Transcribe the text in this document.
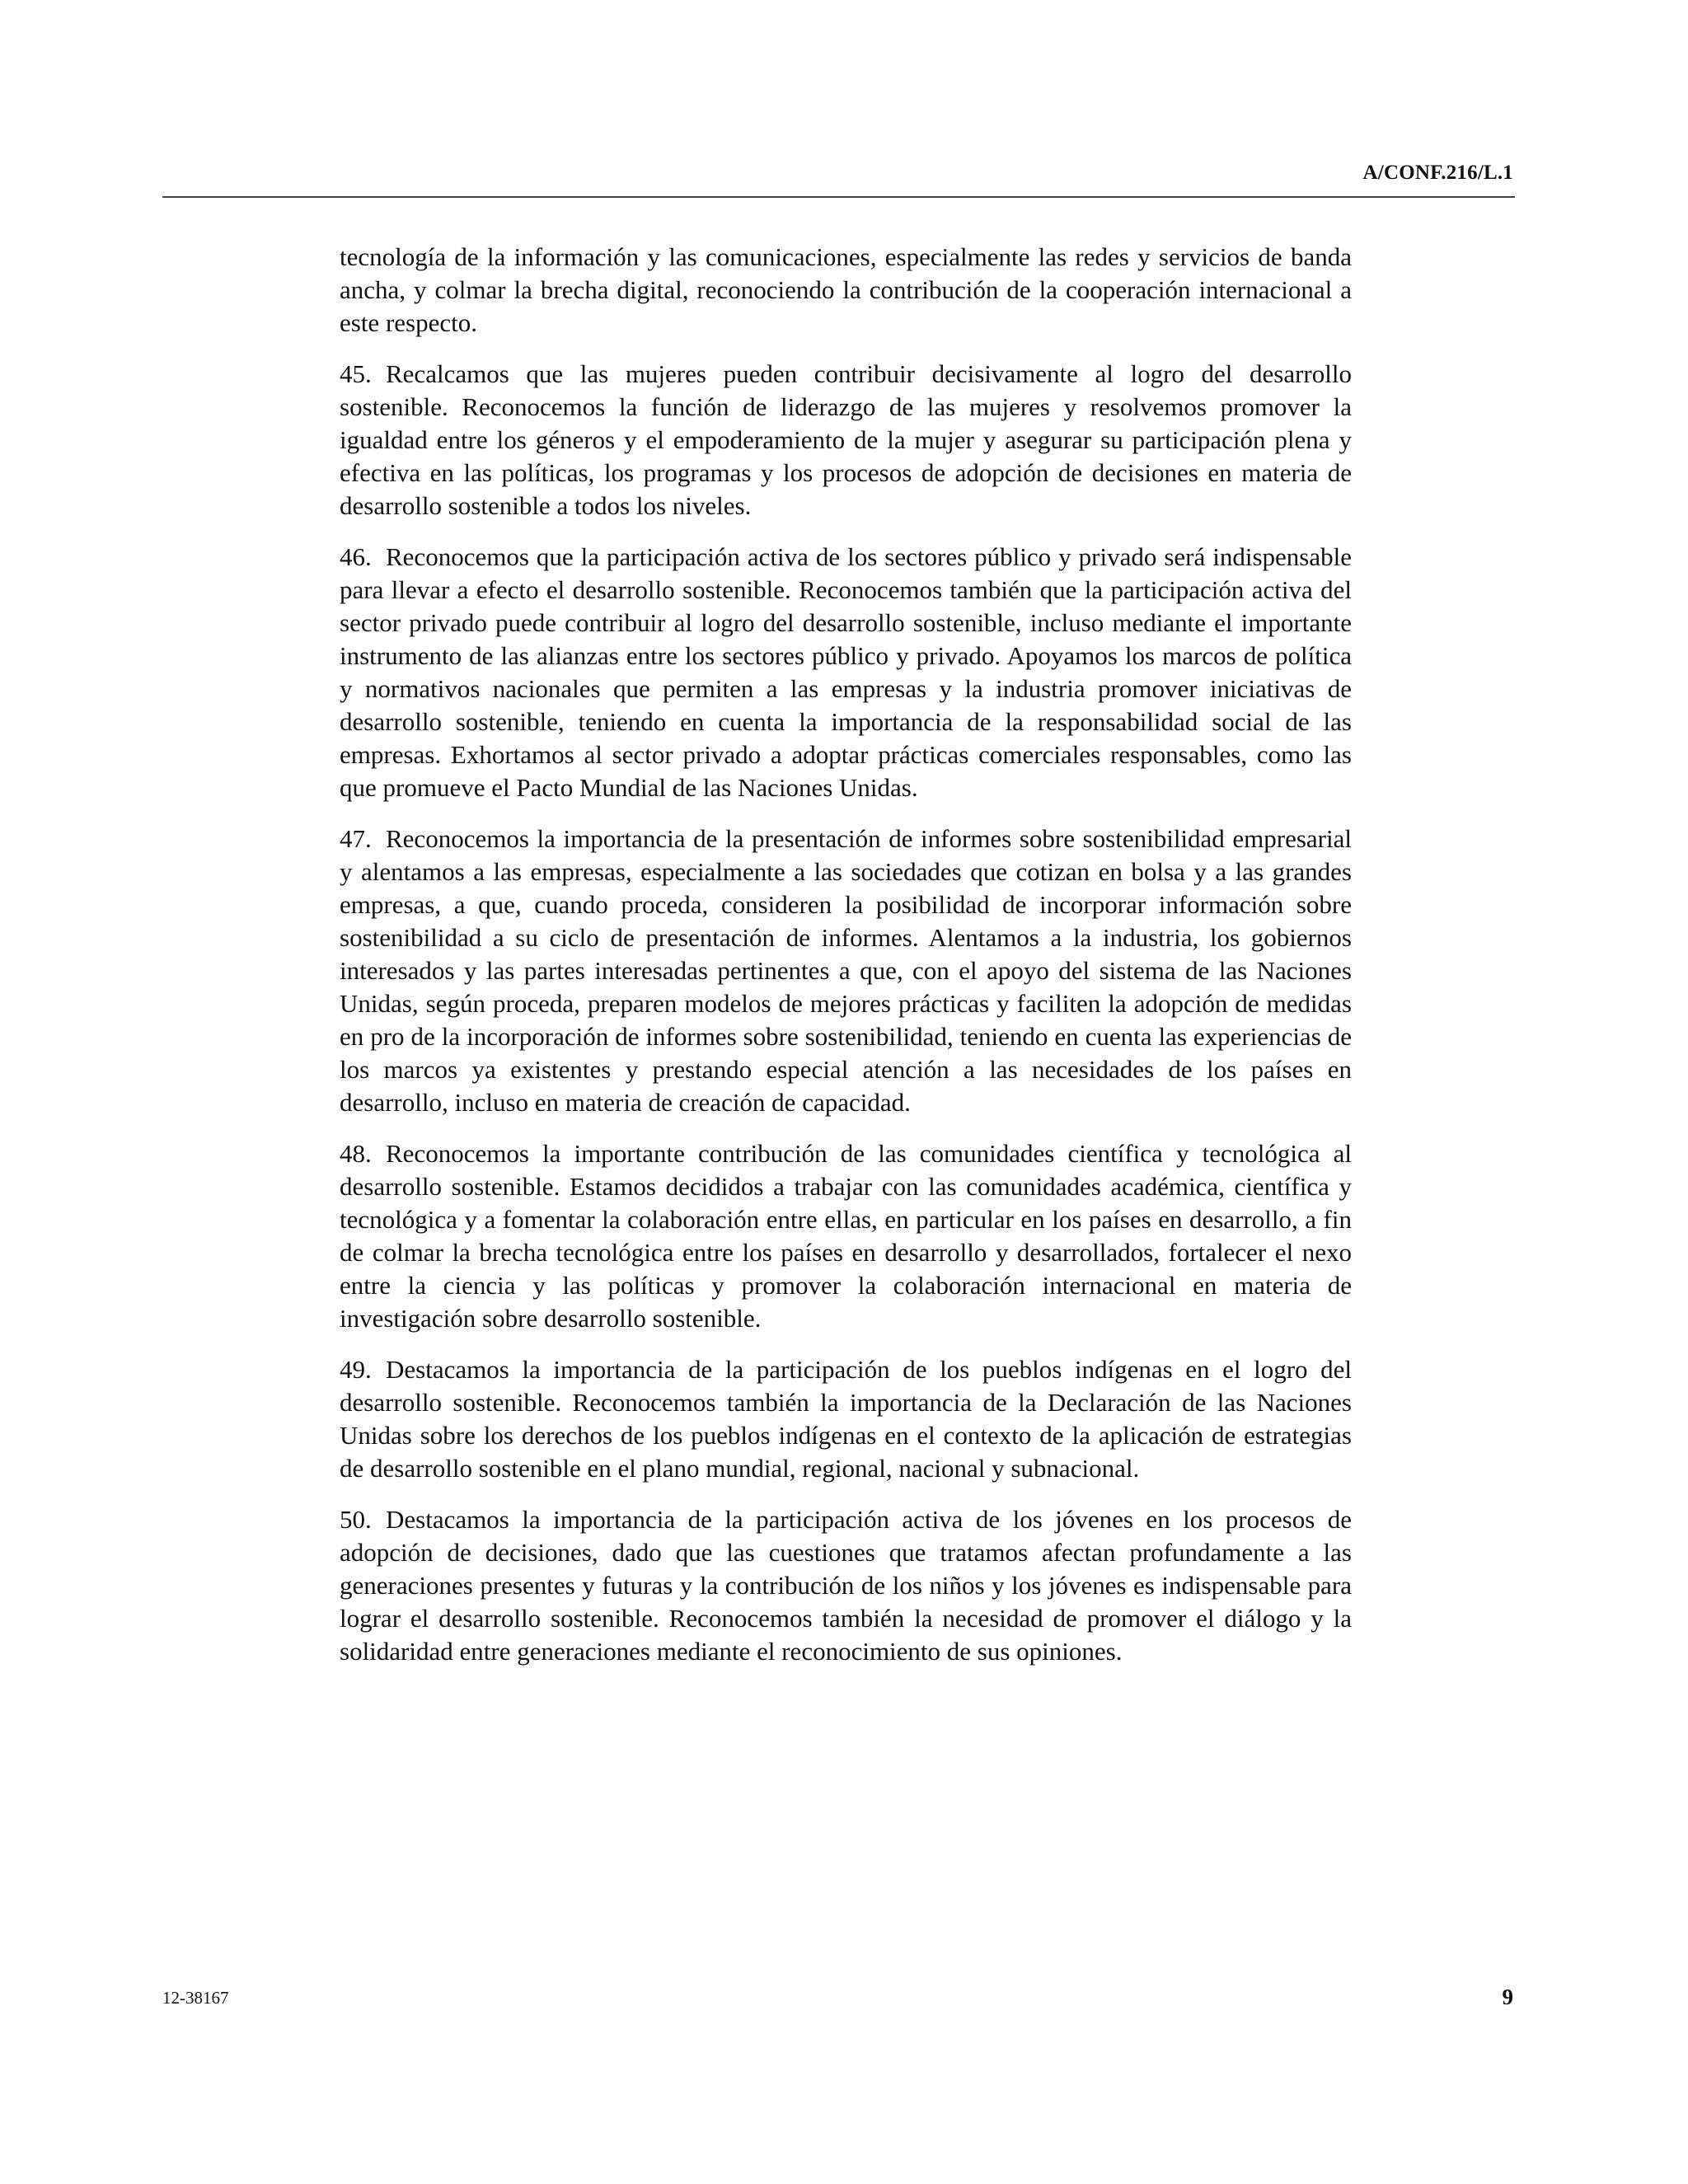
A/CONF.216/L.1

tecnología de la información y las comunicaciones, especialmente las redes y servicios de banda ancha, y colmar la brecha digital, reconociendo la contribución de la cooperación internacional a este respecto.

45. Recalcamos que las mujeres pueden contribuir decisivamente al logro del desarrollo sostenible. Reconocemos la función de liderazgo de las mujeres y resolvemos promover la igualdad entre los géneros y el empoderamiento de la mujer y asegurar su participación plena y efectiva en las políticas, los programas y los procesos de adopción de decisiones en materia de desarrollo sostenible a todos los niveles.

46. Reconocemos que la participación activa de los sectores público y privado será indispensable para llevar a efecto el desarrollo sostenible. Reconocemos también que la participación activa del sector privado puede contribuir al logro del desarrollo sostenible, incluso mediante el importante instrumento de las alianzas entre los sectores público y privado. Apoyamos los marcos de política y normativos nacionales que permiten a las empresas y la industria promover iniciativas de desarrollo sostenible, teniendo en cuenta la importancia de la responsabilidad social de las empresas. Exhortamos al sector privado a adoptar prácticas comerciales responsables, como las que promueve el Pacto Mundial de las Naciones Unidas.

47. Reconocemos la importancia de la presentación de informes sobre sostenibilidad empresarial y alentamos a las empresas, especialmente a las sociedades que cotizan en bolsa y a las grandes empresas, a que, cuando proceda, consideren la posibilidad de incorporar información sobre sostenibilidad a su ciclo de presentación de informes. Alentamos a la industria, los gobiernos interesados y las partes interesadas pertinentes a que, con el apoyo del sistema de las Naciones Unidas, según proceda, preparen modelos de mejores prácticas y faciliten la adopción de medidas en pro de la incorporación de informes sobre sostenibilidad, teniendo en cuenta las experiencias de los marcos ya existentes y prestando especial atención a las necesidades de los países en desarrollo, incluso en materia de creación de capacidad.

48. Reconocemos la importante contribución de las comunidades científica y tecnológica al desarrollo sostenible. Estamos decididos a trabajar con las comunidades académica, científica y tecnológica y a fomentar la colaboración entre ellas, en particular en los países en desarrollo, a fin de colmar la brecha tecnológica entre los países en desarrollo y desarrollados, fortalecer el nexo entre la ciencia y las políticas y promover la colaboración internacional en materia de investigación sobre desarrollo sostenible.

49. Destacamos la importancia de la participación de los pueblos indígenas en el logro del desarrollo sostenible. Reconocemos también la importancia de la Declaración de las Naciones Unidas sobre los derechos de los pueblos indígenas en el contexto de la aplicación de estrategias de desarrollo sostenible en el plano mundial, regional, nacional y subnacional.

50. Destacamos la importancia de la participación activa de los jóvenes en los procesos de adopción de decisiones, dado que las cuestiones que tratamos afectan profundamente a las generaciones presentes y futuras y la contribución de los niños y los jóvenes es indispensable para lograr el desarrollo sostenible. Reconocemos también la necesidad de promover el diálogo y la solidaridad entre generaciones mediante el reconocimiento de sus opiniones.

12-38167	9
